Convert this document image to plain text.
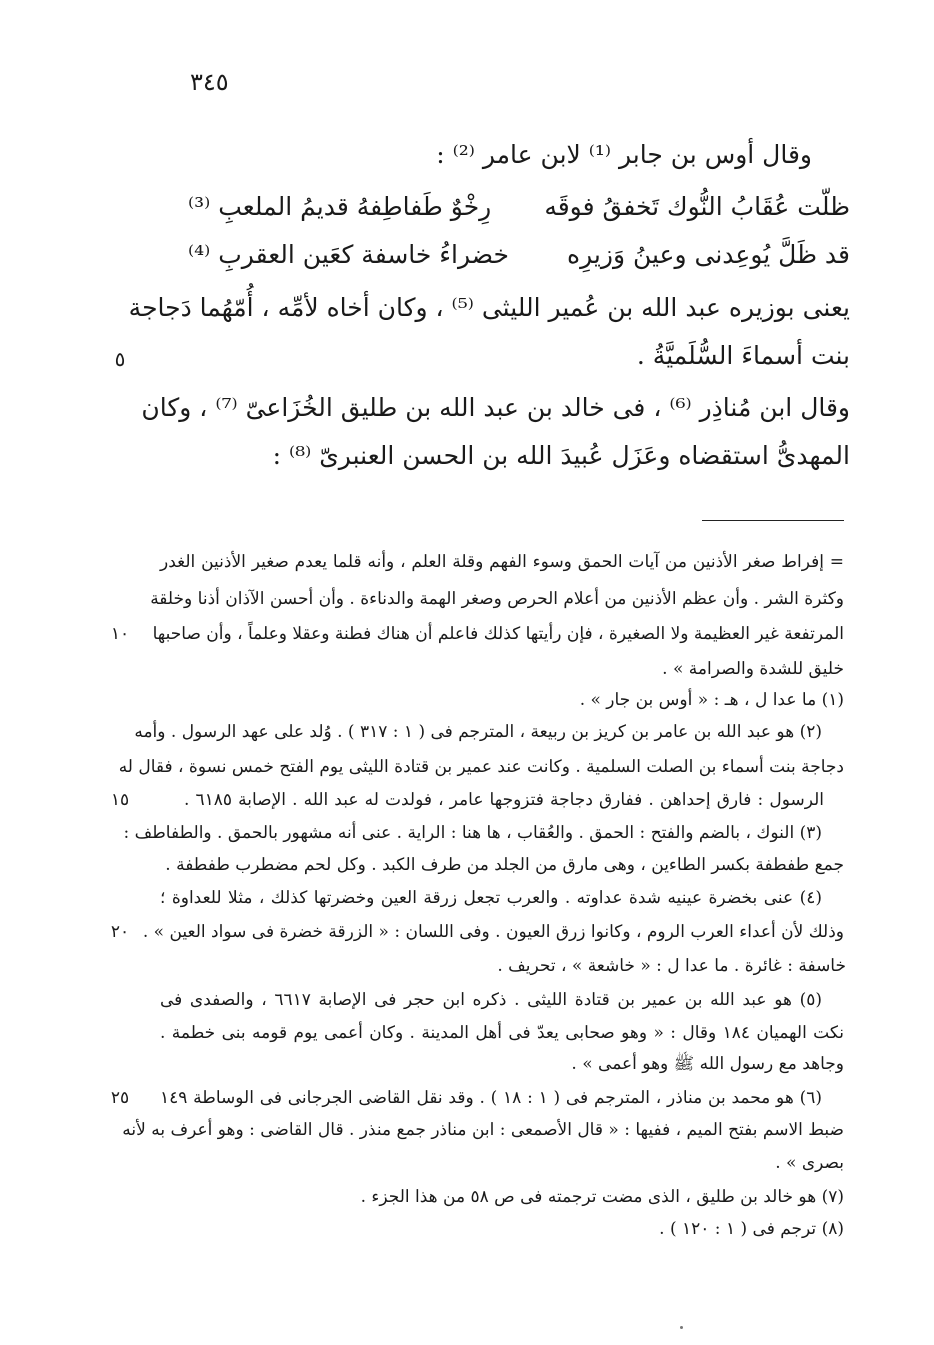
٣٤٥
وقال أوس بن جابر ⁽¹⁾ لابن عامر ⁽²⁾ :
ظلّت عُقَابُ النُّوك تَخفقُ فوقَه
رِخْوٌ طَفاطِفهُ قديمُ الملعبِ ⁽³⁾
قد ظَلَّ يُوعِدنى وعينُ وَزيرِه
خضراءُ خاسفة كعَين العقربِ ⁽⁴⁾
يعنى بوزيره عبد الله بن عُمير الليثى ⁽⁵⁾ ، وكان أخاه لأمِّه ، أُمّهُما دَجاجة
بنت أسماءَ السُّلَميَّةُ .
وقال ابن مُناذِر ⁽⁶⁾ ، فى خالد بن عبد الله بن طليق الخُزَاعىّ ⁽⁷⁾ ، وكان
المهدىُّ استقضاه وعَزَل عُبيدَ الله بن الحسن العنبرىّ ⁽⁸⁾ :
٥
= إفراط صغر الأذنين من آيات الحمق وسوء الفهم وقلة العلم ، وأنه قلما يعدم صغير الأذنين الغدر
وكثرة الشر . وأن عظم الأذنين من أعلام الحرص وصغر الهمة والدناءة . وأن أحسن الآذان أذنا وخلقة
المرتفعة غير العظيمة ولا الصغيرة ، فإن رأيتها كذلك فاعلم أن هناك فطنة وعقلا وعلماً ، وأن صاحبها
خليق للشدة والصرامة » .
(١) ما عدا ل ، هـ : « أوس بن جار » .
(٢) هو عبد الله بن عامر بن كريز بن ربيعة ، المترجم فى ( ١ : ٣١٧ ) . وُلد على عهد الرسول . وأمه
دجاجة بنت أسماء بن الصلت السلمية . وكانت عند عمير بن قتادة الليثى يوم الفتح خمس نسوة ، فقال له
الرسول : فارق إحداهن . ففارق دجاجة فتزوجها عامر ، فولدت له عبد الله . الإصابة ٦١٨٥ .
(٣) النوك ، بالضم والفتح : الحمق . والعُقاب ، ها هنا : الراية . عنى أنه مشهور بالحمق . والطفاطف :
جمع طفطفة بكسر الطاءين ، وهى مارق من الجلد من طرف الكبد . وكل لحم مضطرب طفطفة .
(٤) عنى بخضرة عينيه شدة عداوته . والعرب تجعل زرقة العين وخضرتها كذلك ، مثلا للعداوة ؛
وذلك لأن أعداء العرب الروم ، وكانوا زرق العيون . وفى اللسان : « الزرقة خضرة فى سواد العين » .
خاسفة : غائرة . ما عدا ل : « خاشعة » ، تحريف .
(٥) هو عبد الله بن عمير بن قتادة الليثى . ذكره ابن حجر فى الإصابة ٦٦١٧ ، والصفدى فى
نكت الهميان ١٨٤ وقال : « وهو صحابى يعدّ فى أهل المدينة . وكان أعمى يوم قومه بنى خطمة .
وجاهد مع رسول الله ﷺ وهو أعمى » .
(٦) هو محمد بن مناذر ، المترجم فى ( ١ : ١٨ ) . وقد نقل القاضى الجرجانى فى الوساطة ١٤٩
ضبط الاسم بفتح الميم ، ففيها : « قال الأصمعى : ابن مناذر جمع منذر . قال القاضى : وهو أعرف به لأنه
بصرى » .
(٧) هو خالد بن طليق ، الذى مضت ترجمته فى ص ٥٨ من هذا الجزء .
(٨) ترجم فى ( ١ : ١٢٠ ) .
١٠
١٥
٢٠
٢٥
